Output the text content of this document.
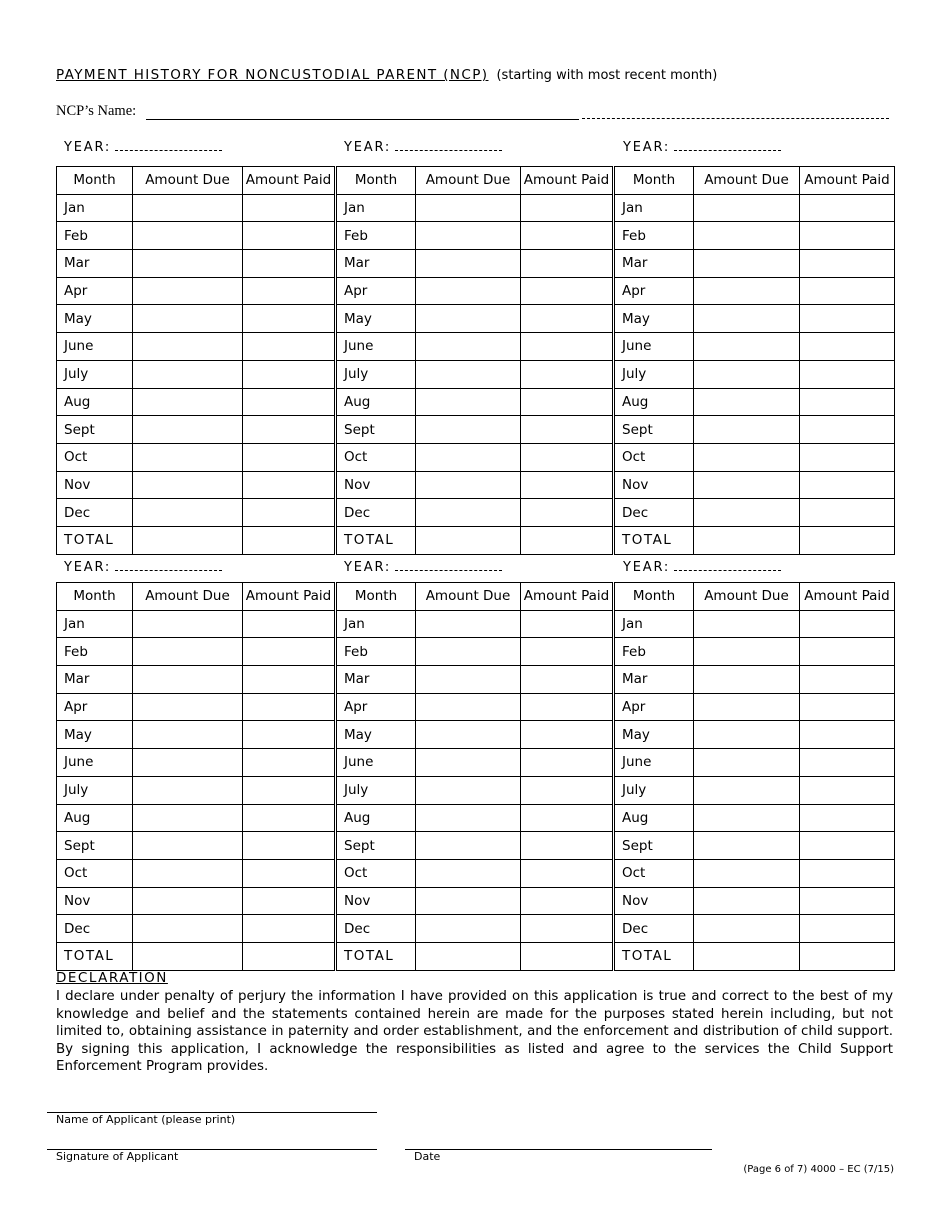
PAYMENT HISTORY FOR NONCUSTODIAL PARENT (NCP) (starting with most recent month)
NCP’s Name:
YEAR:	YEAR:	YEAR:
Month	Amount Due	Amount Paid	Month	Amount Due	Amount Paid	Month	Amount Due	Amount Paid
Jan			Jan			Jan		
Feb			Feb			Feb		
Mar			Mar			Mar		
Apr			Apr			Apr		
May			May			May		
June			June			June		
July			July			July		
Aug			Aug			Aug		
Sept			Sept			Sept		
Oct			Oct			Oct		
Nov			Nov			Nov		
Dec			Dec			Dec		
TOTAL			TOTAL			TOTAL		
YEAR:	YEAR:	YEAR:
Month	Amount Due	Amount Paid	Month	Amount Due	Amount Paid	Month	Amount Due	Amount Paid
Jan			Jan			Jan		
Feb			Feb			Feb		
Mar			Mar			Mar		
Apr			Apr			Apr		
May			May			May		
June			June			June		
July			July			July		
Aug			Aug			Aug		
Sept			Sept			Sept		
Oct			Oct			Oct		
Nov			Nov			Nov		
Dec			Dec			Dec		
TOTAL			TOTAL			TOTAL		
DECLARATION
I declare under penalty of perjury the information I have provided on this application is true and correct to the best of my knowledge and belief and the statements contained herein are made for the purposes stated herein including, but not limited to, obtaining assistance in paternity and order establishment, and the enforcement and distribution of child support. By signing this application, I acknowledge the responsibilities as listed and agree to the services the Child Support Enforcement Program provides.
Name of Applicant (please print)
Signature of Applicant	Date
(Page 6 of 7) 4000 – EC (7/15)
